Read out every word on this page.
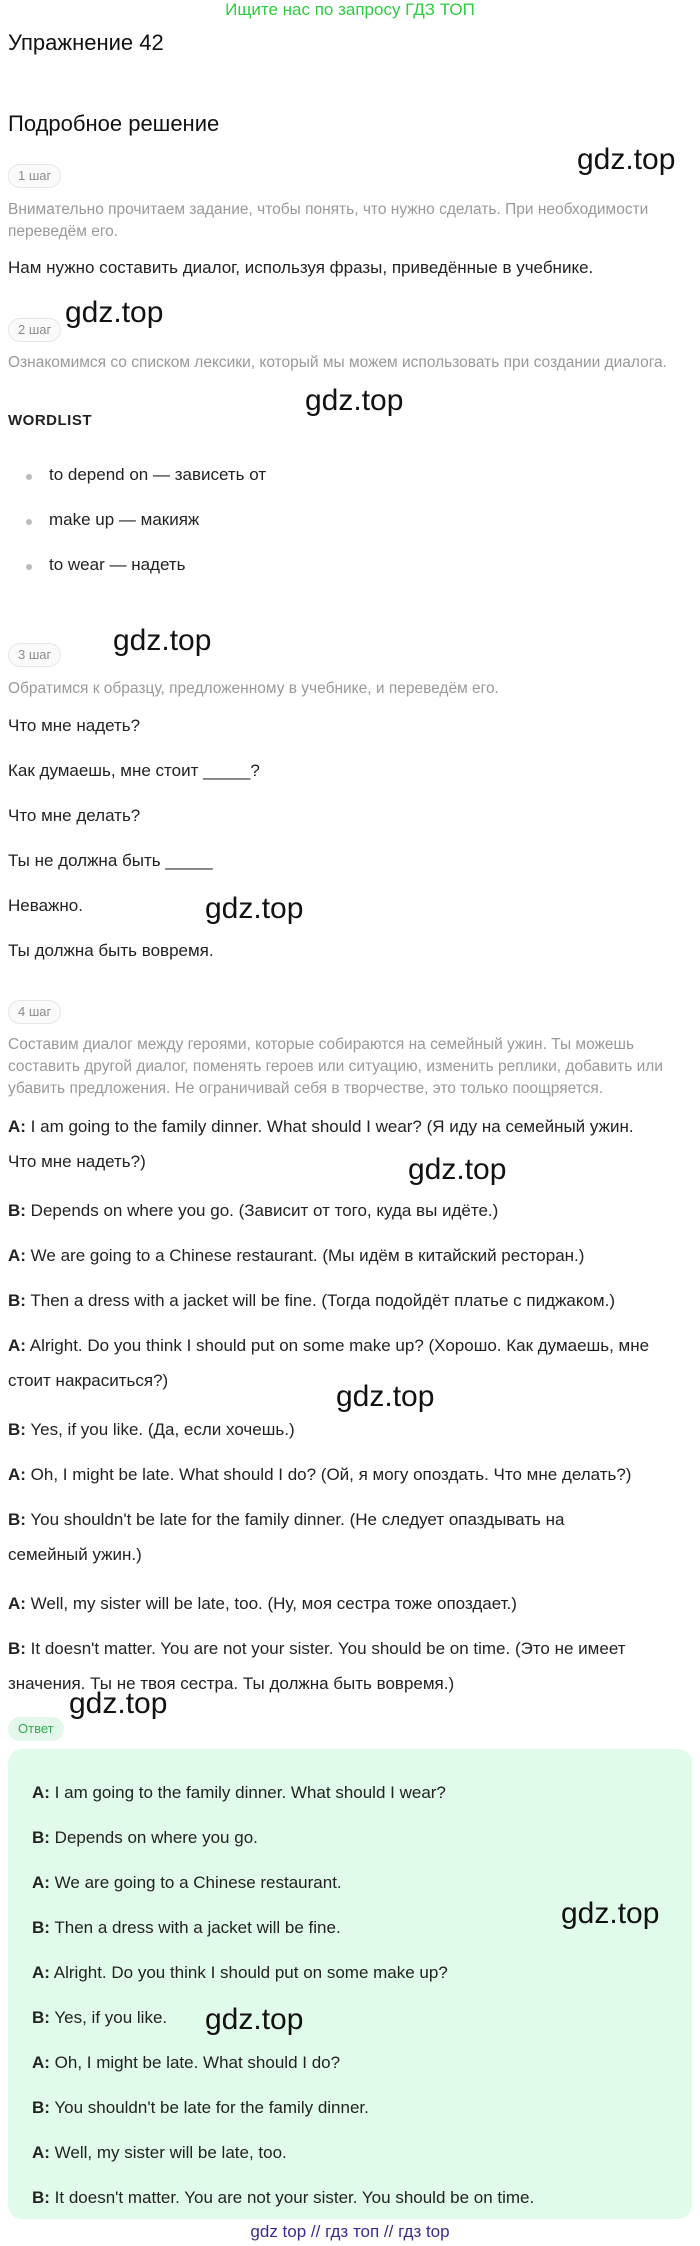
Ищите нас по запросу ГДЗ ТОП
Упражнение 42
Подробное решение
1 шаг
Внимательно прочитаем задание, чтобы понять, что нужно сделать. При необходимости переведём его.
Нам нужно составить диалог, используя фразы, приведённые в учебнике.
2 шаг
Ознакомимся со списком лексики, который мы можем использовать при создании диалога.
WORDLIST
to depend on — зависеть от
make up — макияж
to wear — надеть
3 шаг
Обратимся к образцу, предложенному в учебнике, и переведём его.
Что мне надеть?
Как думаешь, мне стоит _____?
Что мне делать?
Ты не должна быть _____
Неважно.
Ты должна быть вовремя.
4 шаг
Составим диалог между героями, которые собираются на семейный ужин. Ты можешь составить другой диалог, поменять героев или ситуацию, изменить реплики, добавить или убавить предложения. Не ограничивай себя в творчестве, это только поощряется.
A: I am going to the family dinner. What should I wear? (Я иду на семейный ужин.
Что мне надеть?)
B: Depends on where you go. (Зависит от того, куда вы идёте.)
A: We are going to a Chinese restaurant. (Мы идём в китайский ресторан.)
B: Then a dress with a jacket will be fine. (Тогда подойдёт платье с пиджаком.)
A: Alright. Do you think I should put on some make up? (Хорошо. Как думаешь, мне
стоит накраситься?)
B: Yes, if you like. (Да, если хочешь.)
A: Oh, I might be late. What should I do? (Ой, я могу опоздать. Что мне делать?)
B: You shouldn't be late for the family dinner. (Не следует опаздывать на
семейный ужин.)
A: Well, my sister will be late, too. (Ну, моя сестра тоже опоздает.)
B: It doesn't matter. You are not your sister. You should be on time. (Это не имеет
значения. Ты не твоя сестра. Ты должна быть вовремя.)
Ответ
A: I am going to the family dinner. What should I wear?
B: Depends on where you go.
A: We are going to a Chinese restaurant.
B: Then a dress with a jacket will be fine.
A: Alright. Do you think I should put on some make up?
B: Yes, if you like.
A: Oh, I might be late. What should I do?
B: You shouldn't be late for the family dinner.
A: Well, my sister will be late, too.
B: It doesn't matter. You are not your sister. You should be on time.
gdz.top
gdz.top
gdz.top
gdz.top
gdz.top
gdz.top
gdz.top
gdz.top
gdz.top
gdz.top
gdz top // гдз топ // гдз top
